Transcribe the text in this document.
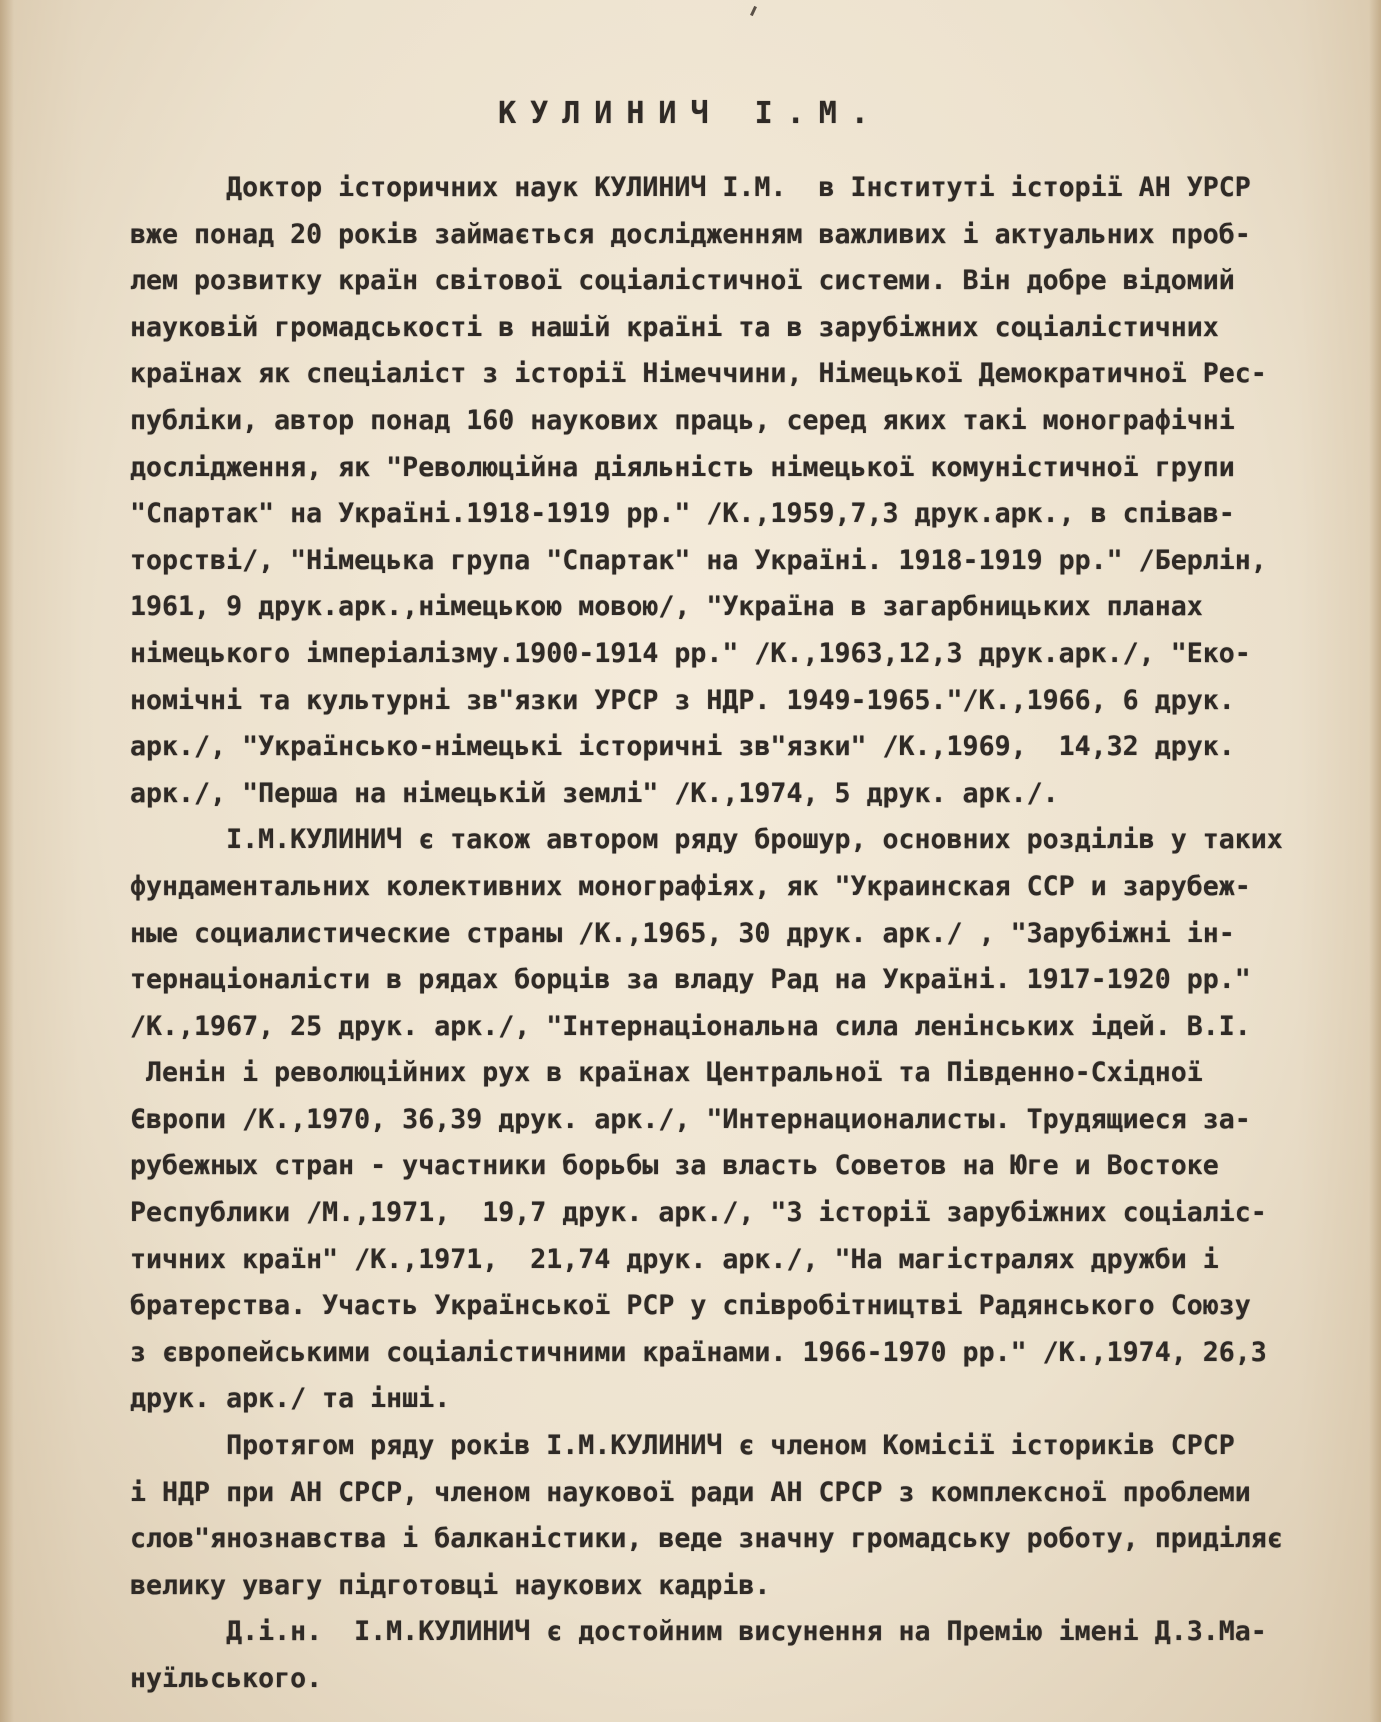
КУЛИНИЧ І.М.
Доктор історичних наук КУЛИНИЧ І.М.  в Інституті історії АН УРСР
вже понад 20 років займається дослідженням важливих і актуальних проб-
лем розвитку країн світової соціалістичної системи. Він добре відомий
науковій громадськості в нашій країні та в зарубіжних соціалістичних
країнах як спеціаліст з історії Німеччини, Німецької Демократичної Рес-
публіки, автор понад 160 наукових праць, серед яких такі монографічні
дослідження, як "Революційна діяльність німецької комуністичної групи
"Спартак" на Україні.1918-1919 рр." /К.,1959,7,3 друк.арк., в співав-
торстві/, "Німецька група "Спартак" на Україні. 1918-1919 рр." /Берлін,
1961, 9 друк.арк.,німецькою мовою/, "Україна в загарбницьких планах
німецького імперіалізму.1900-1914 рр." /К.,1963,12,3 друк.арк./, "Еко-
номічні та культурні зв"язки УРСР з НДР. 1949-1965."/К.,1966, 6 друк.
арк./, "Українсько-німецькі історичні зв"язки" /К.,1969,  14,32 друк.
арк./, "Перша на німецькій землі" /К.,1974, 5 друк. арк./.
І.М.КУЛИНИЧ є також автором ряду брошур, основних розділів у таких
фундаментальних колективних монографіях, як "Украинская ССР и зарубеж-
ные социалистические страны /К.,1965, 30 друк. арк./ , "Зарубіжні ін-
тернаціоналісти в рядах борців за владу Рад на Україні. 1917-1920 рр."
/К.,1967, 25 друк. арк./, "Інтернаціональна сила ленінських ідей. В.І.
Ленін і революційних рух в країнах Центральної та Південно-Східної
Європи /К.,1970, 36,39 друк. арк./, "Интернационалисты. Трудящиеся за-
рубежных стран - участники борьбы за власть Советов на Юге и Востоке
Республики /М.,1971,  19,7 друк. арк./, "З історії зарубіжних соціаліс-
тичних країн" /К.,1971,  21,74 друк. арк./, "На магістралях дружби і
братерства. Участь Української РСР у співробітництві Радянського Союзу
з європейськими соціалістичними країнами. 1966-1970 рр." /К.,1974, 26,3
друк. арк./ та інші.
Протягом ряду років І.М.КУЛИНИЧ є членом Комісії істориків СРСР
і НДР при АН СРСР, членом наукової ради АН СРСР з комплексної проблеми
слов"янознавства і балканістики, веде значну громадську роботу, приділяє
велику увагу підготовці наукових кадрів.
Д.і.н.  І.М.КУЛИНИЧ є достойним висунення на Премію імені Д.З.Ма-
нуїльського.
